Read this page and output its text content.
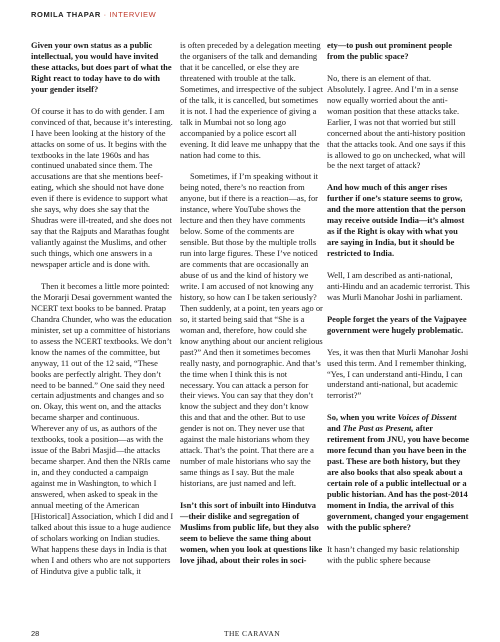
ROMILA THAPAR · INTERVIEW

Given your own status as a public intellectual, you would have invited these attacks, but does part of what the Right react to today have to do with your gender itself?

Of course it has to do with gender. I am convinced of that, because it’s interesting. I have been looking at the history of the attacks on some of us. It begins with the textbooks in the late 1960s and has continued unabated since them. The accusations are that she mentions beef-eating, which she should not have done even if there is evidence to support what she says, why does she say that the Shudras were ill-treated, and she does not say that the Rajputs and Marathas fought valiantly against the Muslims, and other such things, which one answers in a newspaper article and is done with.

Then it becomes a little more pointed: the Morarji Desai government wanted the NCERT text books to be banned. Pratap Chandra Chunder, who was the education minister, set up a committee of historians to assess the NCERT textbooks. We don’t know the names of the committee, but anyway, 11 out of the 12 said, “These books are perfectly alright. They don’t need to be banned.” One said they need certain adjustments and changes and so on. Okay, this went on, and the attacks became sharper and continuous. Wherever any of us, as authors of the textbooks, took a position—as with the issue of the Babri Masjid—the attacks became sharper. And then the NRIs came in, and they conducted a campaign against me in Washington, to which I answered, when asked to speak in the annual meeting of the American [Historical] Association, which I did and I talked about this issue to a huge audience of scholars working on Indian studies. What happens these days in India is that when I and others who are not supporters of Hindutva give a public talk, it

is often preceded by a delegation meeting the organisers of the talk and demanding that it be cancelled, or else they are threatened with trouble at the talk. Sometimes, and irrespective of the subject of the talk, it is cancelled, but sometimes it is not. I had the experience of giving a talk in Mumbai not so long ago accompanied by a police escort all evening. It did leave me unhappy that the nation had come to this.

Sometimes, if I’m speaking without it being noted, there’s no reaction from anyone, but if there is a reaction—as, for instance, where YouTube shows the lecture and then they have comments below. Some of the comments are sensible. But those by the multiple trolls run into large figures. These I’ve noticed are comments that are occasionally an abuse of us and the kind of history we write. I am accused of not knowing any history, so how can I be taken seriously? Then suddenly, at a point, ten years ago or so, it started being said that “She is a woman and, therefore, how could she know anything about our ancient religious past?” And then it sometimes becomes really nasty, and pornographic. And that’s the time when I think this is not necessary. You can attack a person for their views. You can say that they don’t know the subject and they don’t know this and that and the other. But to use gender is not on. They never use that against the male historians whom they attack. That’s the point. That there are a number of male historians who say the same things as I say. But the male historians, are just named and left.

Isn’t this sort of inbuilt into Hindutva—their dislike and segregation of Muslims from public life, but they also seem to believe the same thing about women, when you look at questions like love jihad, about their roles in soci-

ety—to push out prominent people from the public space?

No, there is an element of that. Absolutely. I agree. And I’m in a sense now equally worried about the anti-woman position that these attacks take. Earlier, I was not that worried but still concerned about the anti-history position that the attacks took. And one says if this is allowed to go on unchecked, what will be the next target of attack?

And how much of this anger rises further if one’s stature seems to grow, and the more attention that the person may receive outside India—it’s almost as if the Right is okay with what you are saying in India, but it should be restricted to India.

Well, I am described as anti-national, anti-Hindu and an academic terrorist. This was Murli Manohar Joshi in parliament.

People forget the years of the Vajpayee government were hugely problematic.

Yes, it was then that Murli Manohar Joshi used this term. And I remember thinking, “Yes, I can understand anti-Hindu, I can understand anti-national, but academic terrorist?”

So, when you write Voices of Dissent and The Past as Present, after retirement from JNU, you have become more fecund than you have been in the past. These are both history, but they are also books that also speak about a certain role of a public intellectual or a public historian. And has the post-2014 moment in India, the arrival of this government, changed your engagement with the public sphere?

It hasn’t changed my basic relationship with the public sphere because

28	THE CARAVAN
